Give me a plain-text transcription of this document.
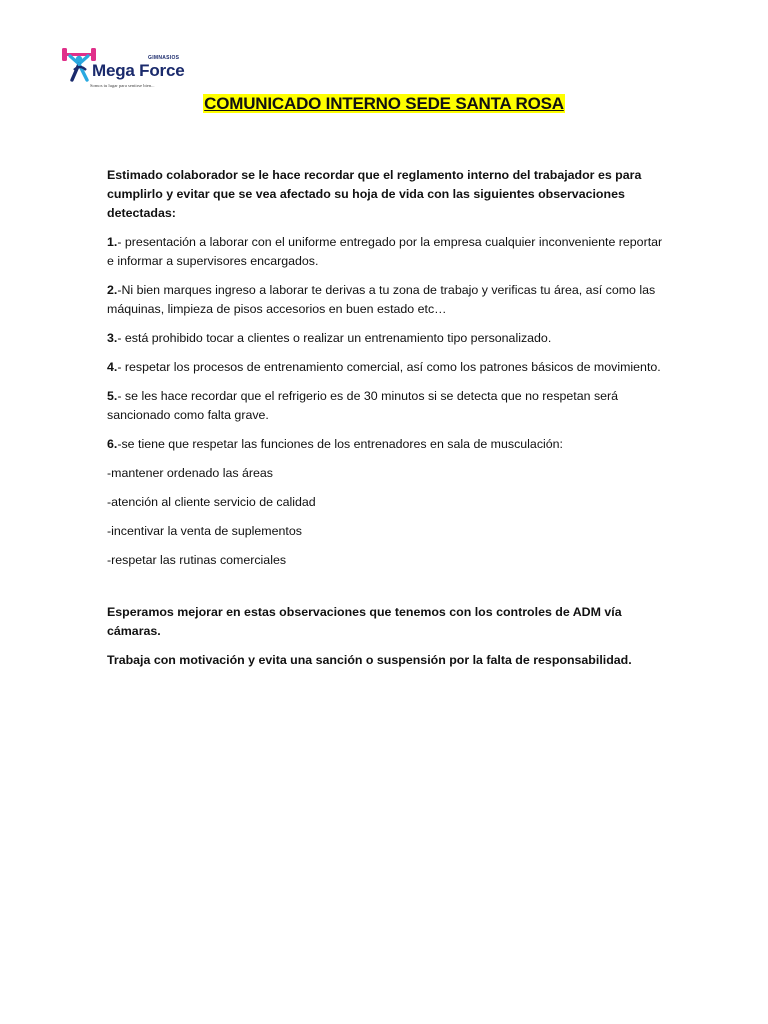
GIMNASIOS
Mega Force
Somos tu lugar para sentirse bien...
COMUNICADO INTERNO SEDE SANTA ROSA

Estimado colaborador se le hace recordar que el reglamento interno del trabajador es para cumplirlo y evitar que se vea afectado su hoja de vida con las siguientes observaciones detectadas:

1.- presentación a laborar con el uniforme entregado por la empresa cualquier inconveniente reportar e informar a supervisores encargados.

2.-Ni bien marques ingreso a laborar te derivas a tu zona de trabajo y verificas tu área, así como las máquinas, limpieza de pisos accesorios en buen estado etc…

3.- está prohibido tocar a clientes o realizar un entrenamiento tipo personalizado.

4.- respetar los procesos de entrenamiento comercial, así como los patrones básicos de movimiento.

5.- se les hace recordar que el refrigerio es de 30 minutos si se detecta que no respetan será sancionado como falta grave.

6.-se tiene que respetar las funciones de los entrenadores en sala de musculación:

-mantener ordenado las áreas

-atención al cliente servicio de calidad

-incentivar la venta de suplementos

-respetar las rutinas comerciales

Esperamos mejorar en estas observaciones que tenemos con los controles de ADM vía cámaras.

Trabaja con motivación y evita una sanción o suspensión por la falta de responsabilidad.
